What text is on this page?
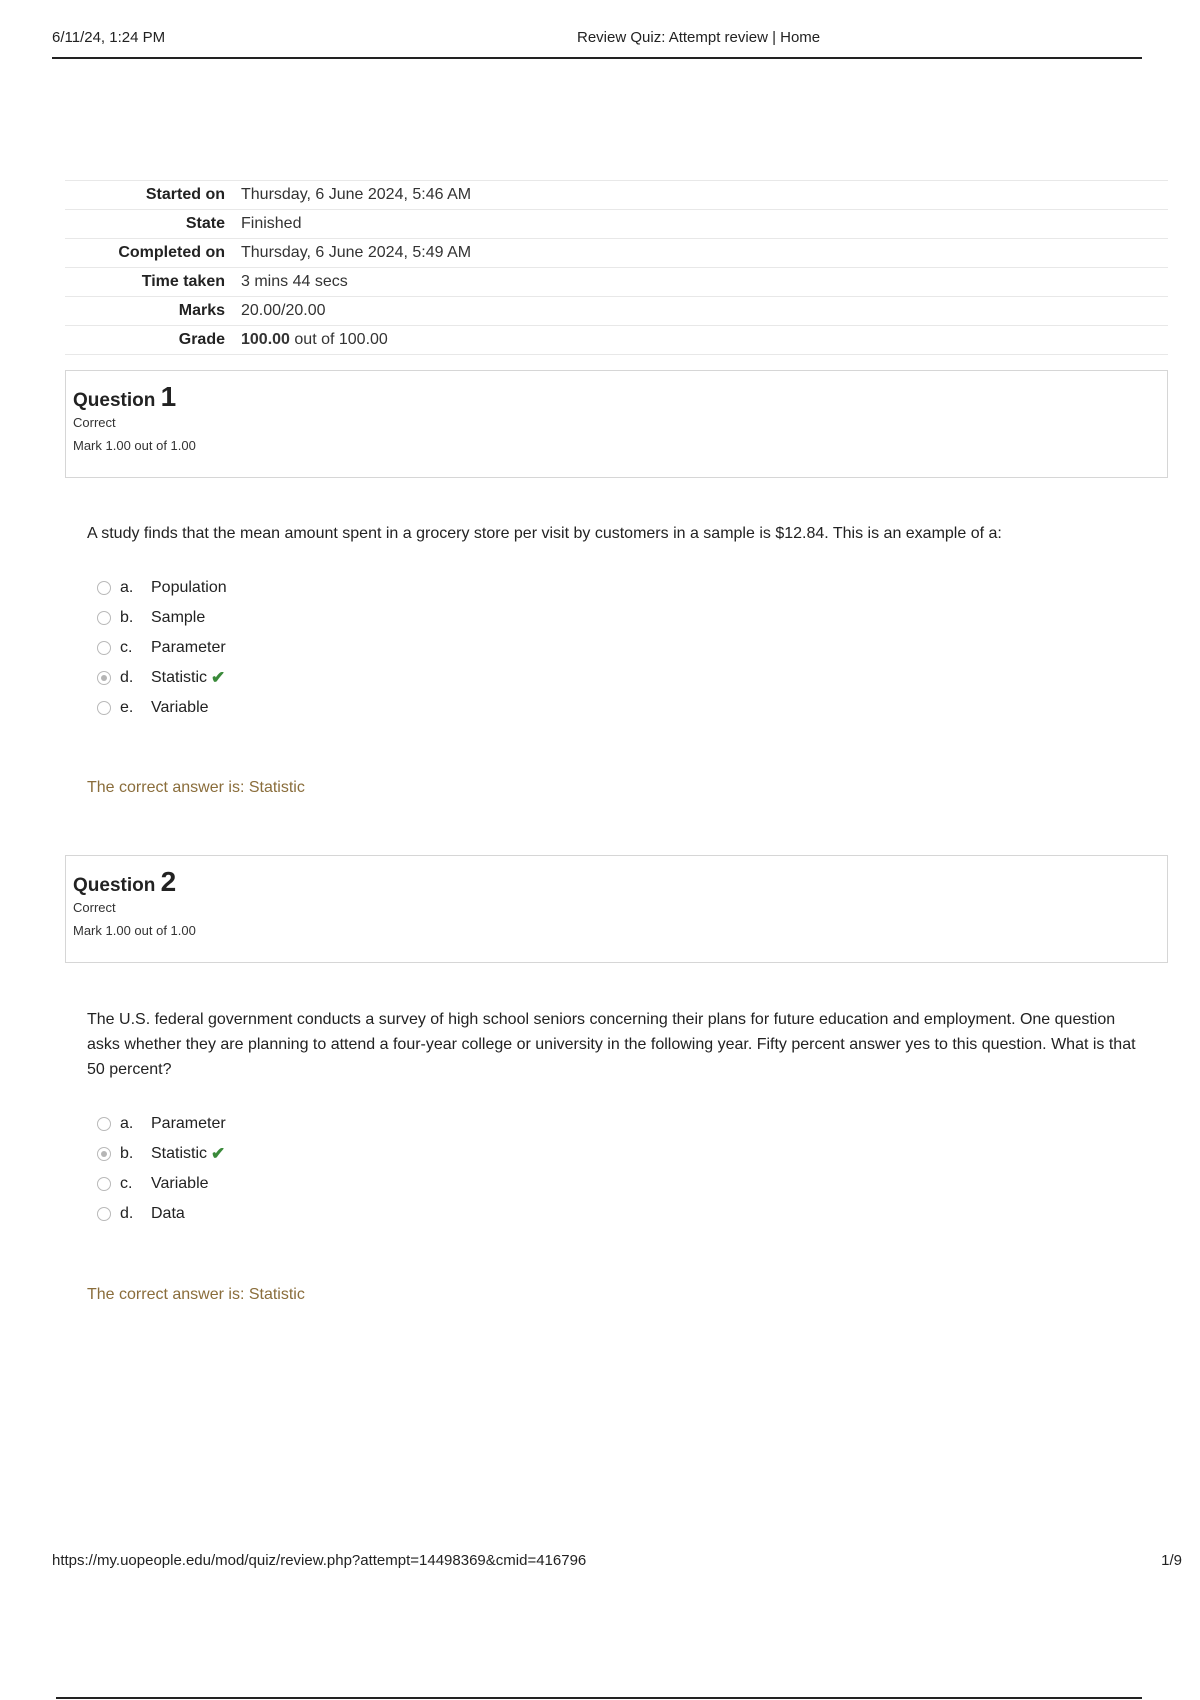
6/11/24, 1:24 PM	Review Quiz: Attempt review | Home
Started on	Thursday, 6 June 2024, 5:46 AM
State	Finished
Completed on	Thursday, 6 June 2024, 5:49 AM
Time taken	3 mins 44 secs
Marks	20.00/20.00
Grade	100.00 out of 100.00
Question 1
Correct
Mark 1.00 out of 1.00
A study finds that the mean amount spent in a grocery store per visit by customers in a sample is $12.84. This is an example of a:
a.	Population
b.	Sample
c.	Parameter
d.	Statistic ✔
e.	Variable
The correct answer is: Statistic
Question 2
Correct
Mark 1.00 out of 1.00
The U.S. federal government conducts a survey of high school seniors concerning their plans for future education and employment. One question asks whether they are planning to attend a four-year college or university in the following year. Fifty percent answer yes to this question. What is that 50 percent?
a.	Parameter
b.	Statistic ✔
c.	Variable
d.	Data
The correct answer is: Statistic
https://my.uopeople.edu/mod/quiz/review.php?attempt=14498369&cmid=416796	1/9
